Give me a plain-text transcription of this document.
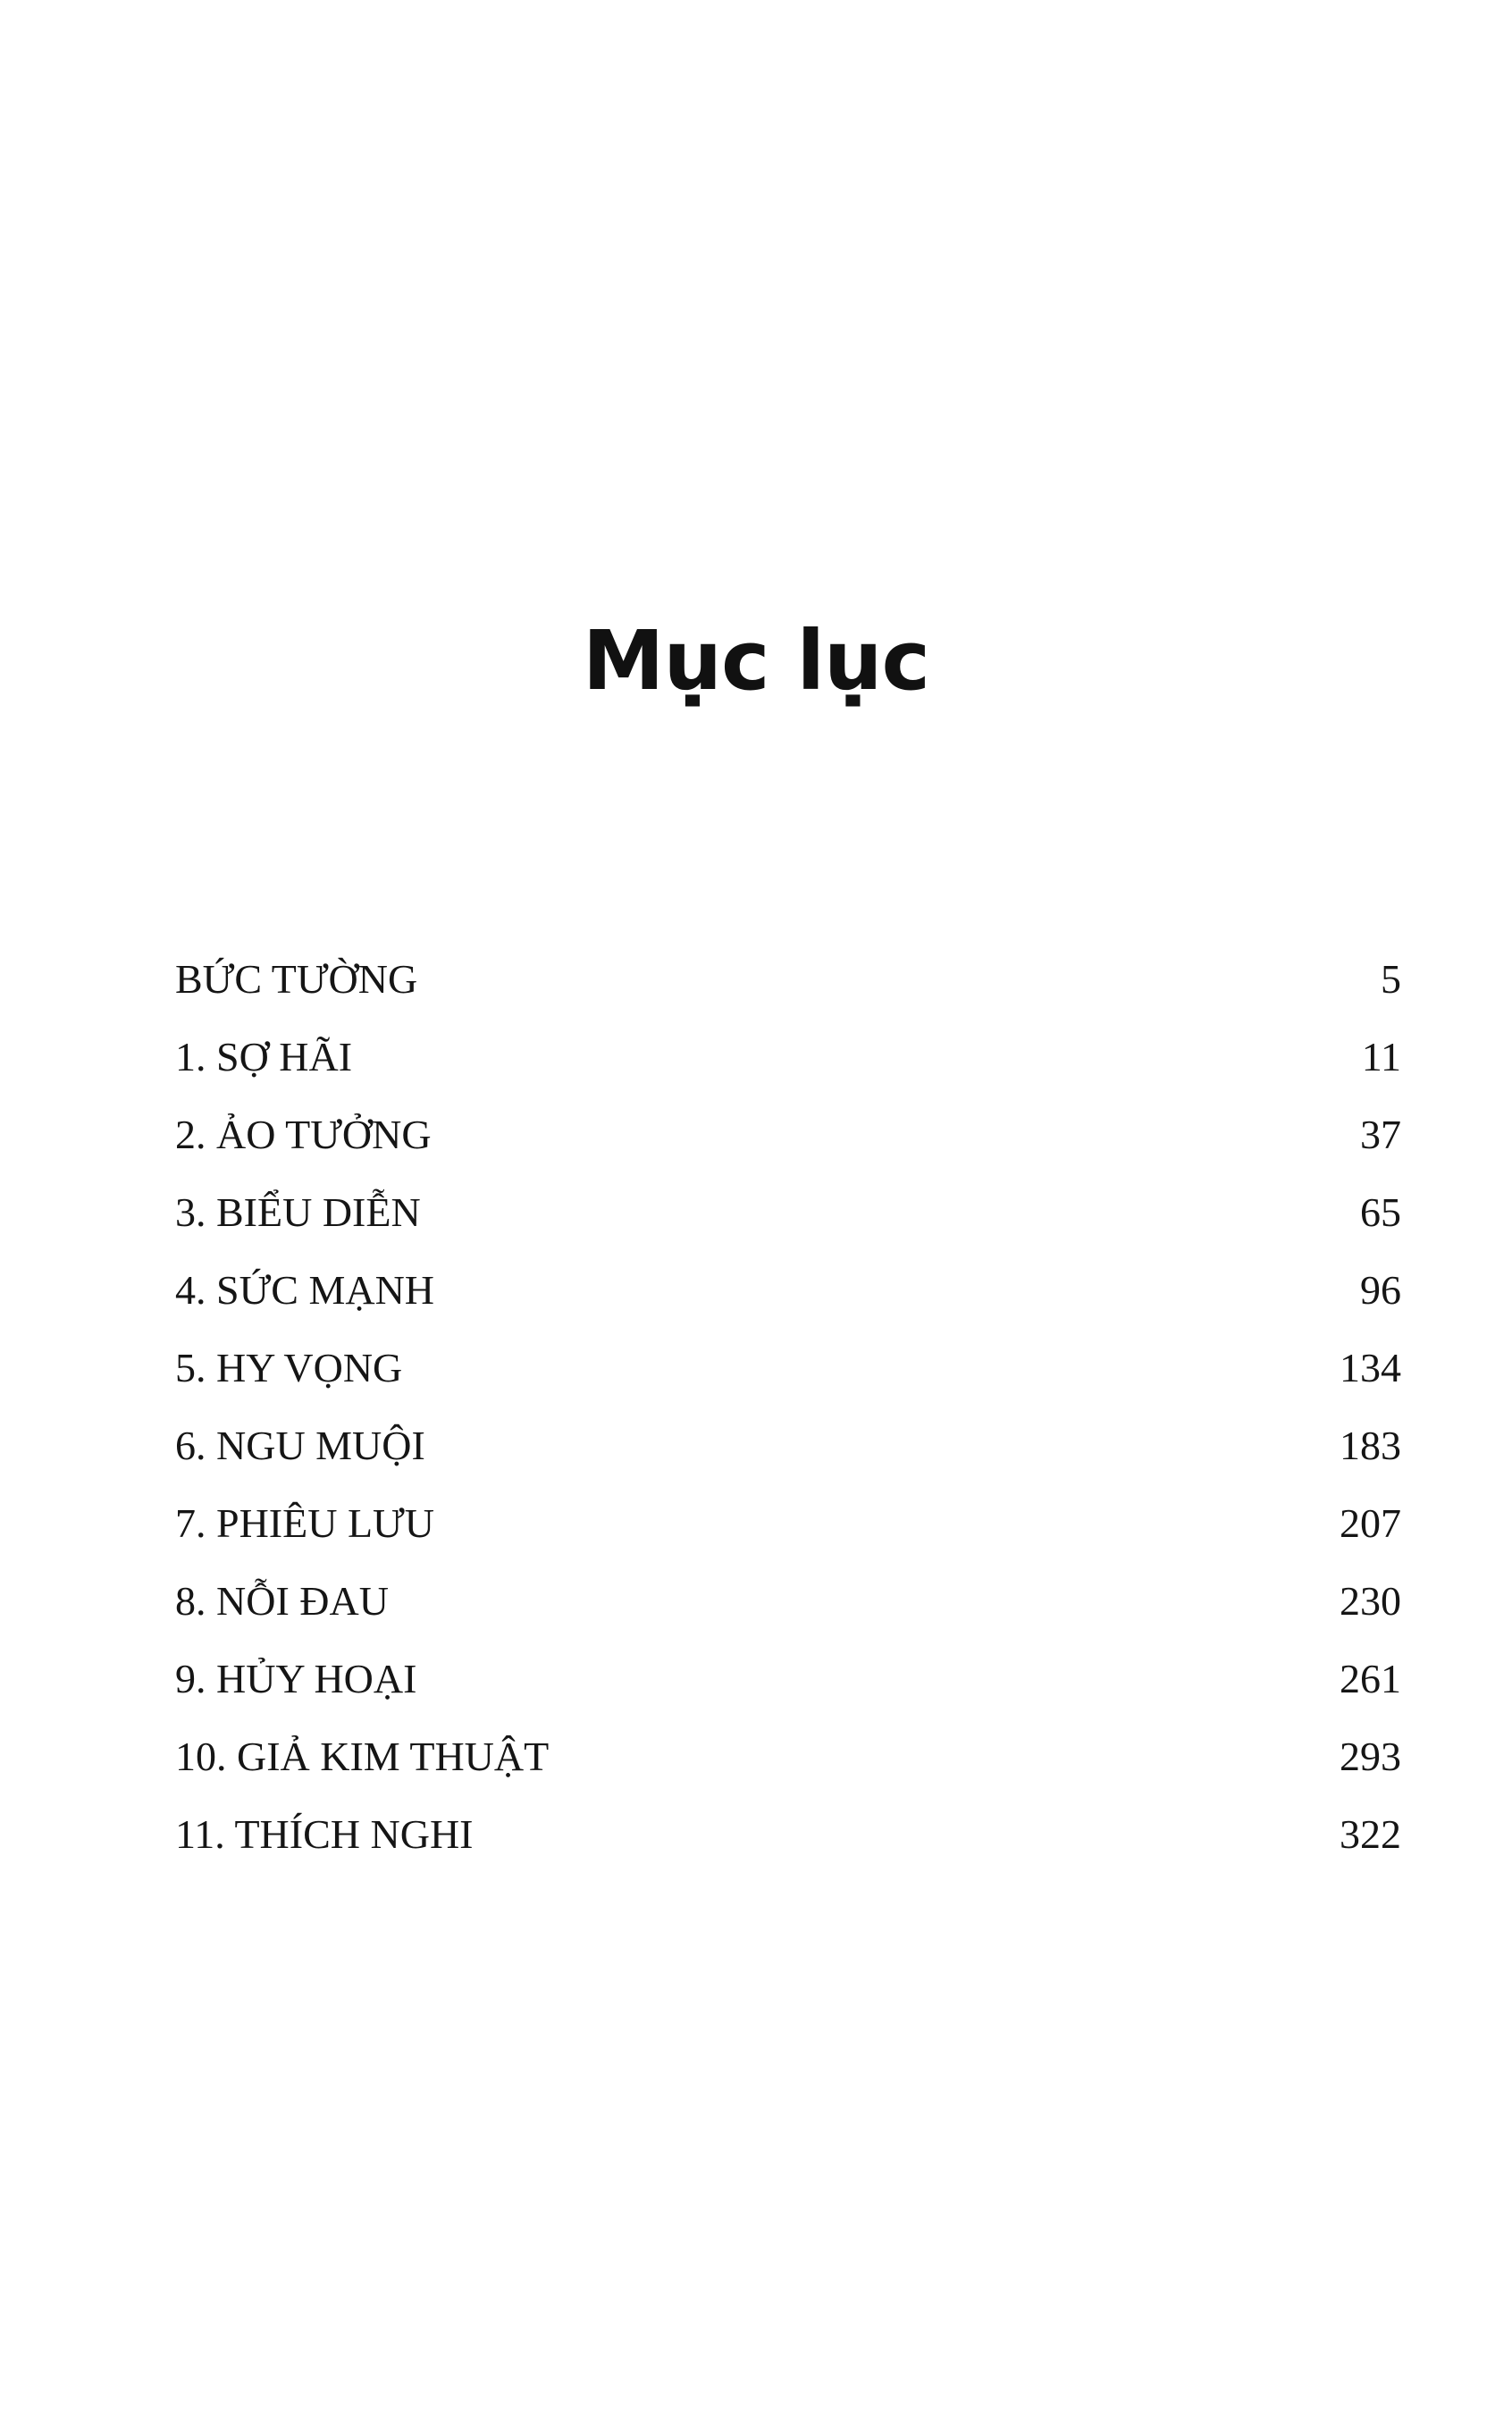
Mục lục
BỨC TƯỜNG	5
1. SỢ HÃI	11
2. ẢO TƯỞNG	37
3. BIỂU DIỄN	65
4. SỨC MẠNH	96
5. HY VỌNG	134
6. NGU MUỘI	183
7. PHIÊU LƯU	207
8. NỖI ĐAU	230
9. HỦY HOẠI	261
10. GIẢ KIM THUẬT	293
11. THÍCH NGHI	322
